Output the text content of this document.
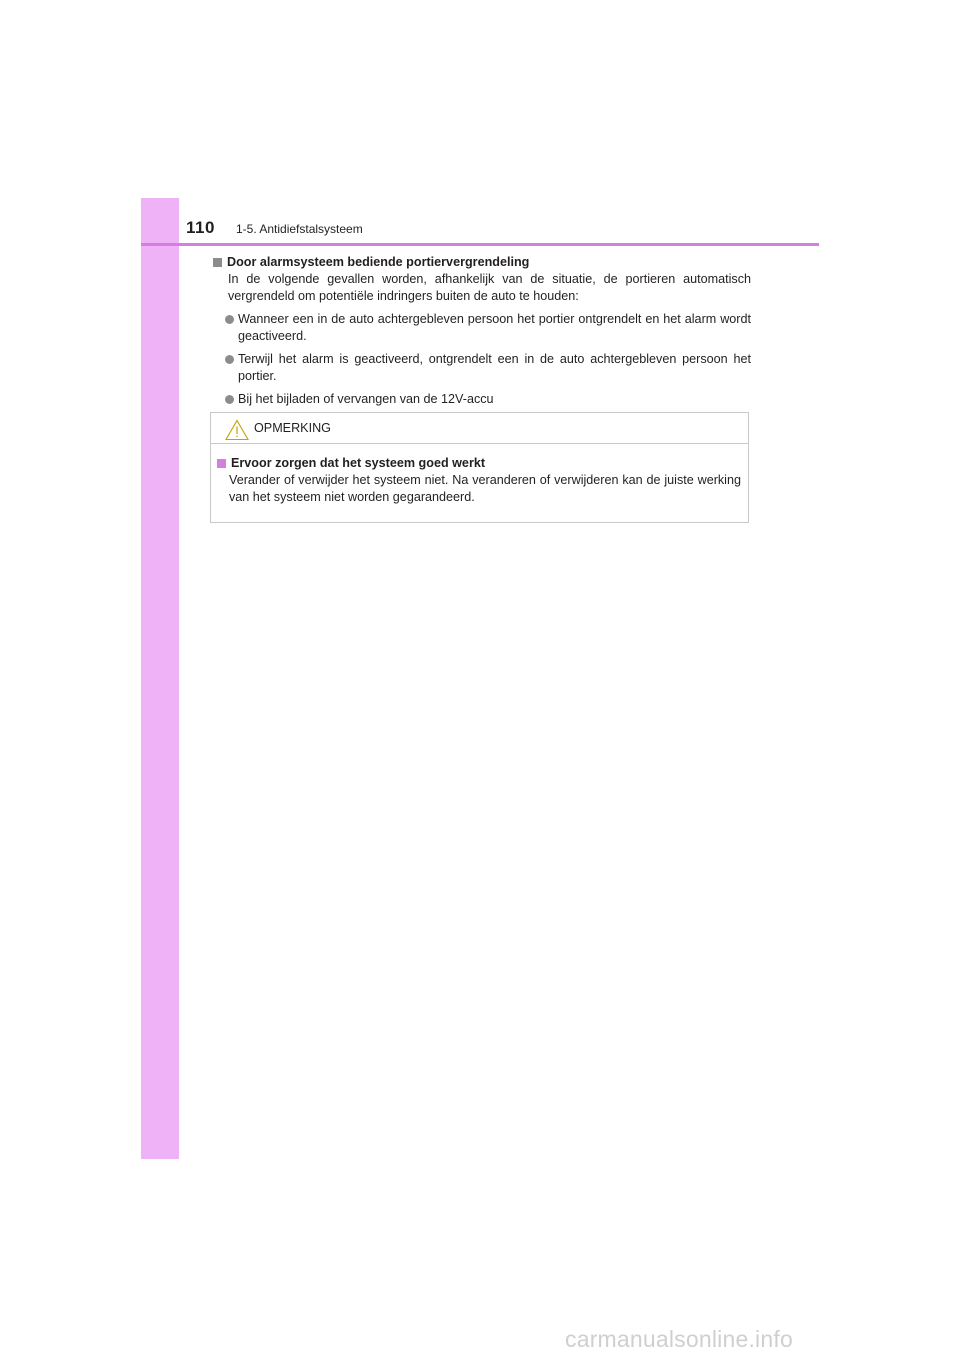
110 1-5. Antidiefstalsysteem
Door alarmsysteem bediende portiervergrendeling
In de volgende gevallen worden, afhankelijk van de situatie, de portieren automatisch vergrendeld om potentiële indringers buiten de auto te houden:
Wanneer een in de auto achtergebleven persoon het portier ontgrendelt en het alarm wordt geactiveerd.
Terwijl het alarm is geactiveerd, ontgrendelt een in de auto achtergebleven persoon het portier.
Bij het bijladen of vervangen van de 12V-accu
OPMERKING
Ervoor zorgen dat het systeem goed werkt
Verander of verwijder het systeem niet. Na veranderen of verwijderen kan de juiste werking van het systeem niet worden gegarandeerd.
carmanualsonline.info
